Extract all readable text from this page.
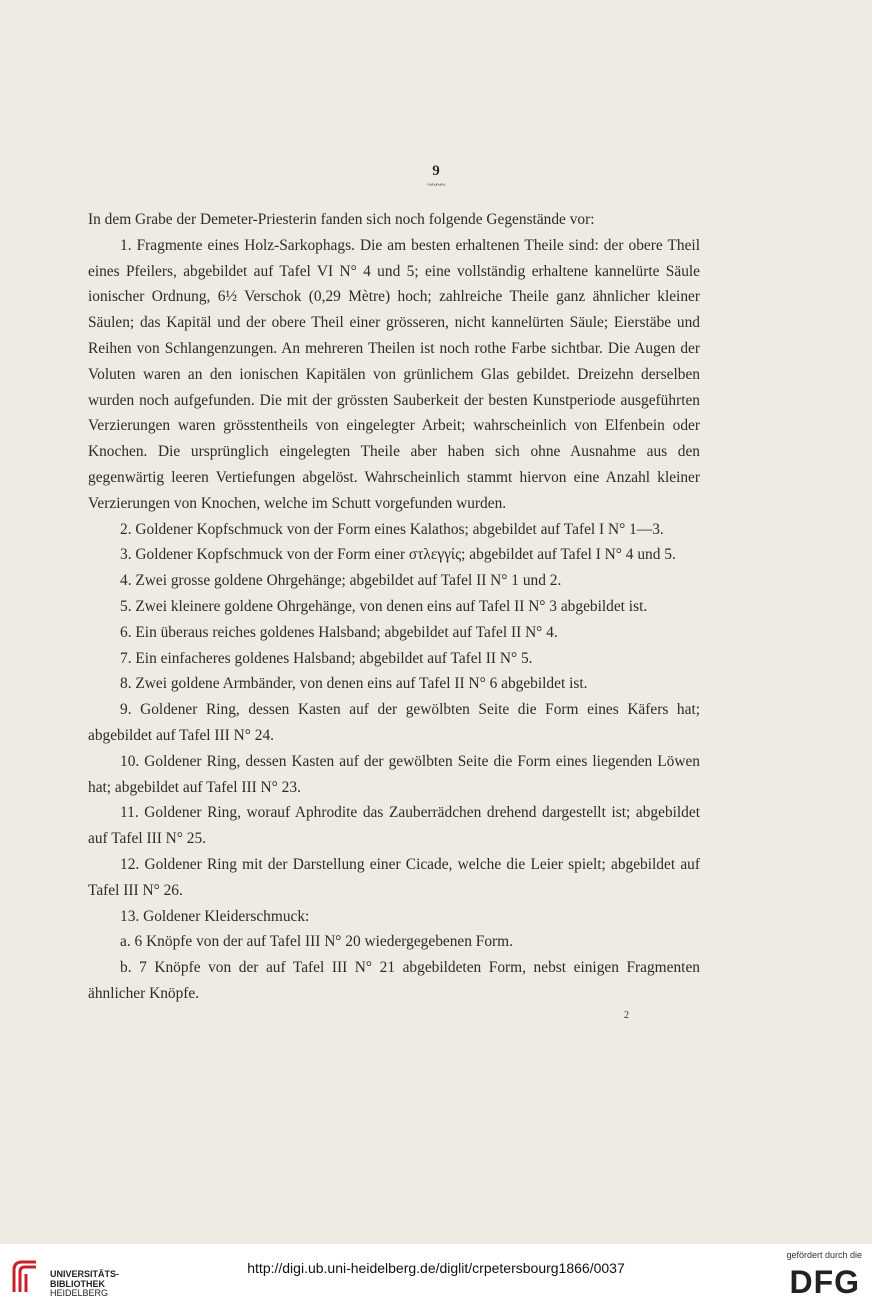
9
~~~~

In dem Grabe der Demeter-Priesterin fanden sich noch folgende Gegenstände vor:

1. Fragmente eines Holz-Sarkophags. Die am besten erhaltenen Theile sind: der obere Theil eines Pfeilers, abgebildet auf Tafel VI N° 4 und 5; eine vollständig erhaltene kannelürte Säule ionischer Ordnung, 6½ Verschok (0,29 Mètre) hoch; zahlreiche Theile ganz ähnlicher kleiner Säulen; das Kapitäl und der obere Theil einer grösseren, nicht kannelürten Säule; Eierstäbe und Reihen von Schlangenzungen. An mehreren Theilen ist noch rothe Farbe sichtbar. Die Augen der Voluten waren an den ionischen Kapitälen von grünlichem Glas gebildet. Dreizehn derselben wurden noch aufgefunden. Die mit der grössten Sauberkeit der besten Kunstperiode ausgeführten Verzierungen waren grösstentheils von eingelegter Arbeit; wahrscheinlich von Elfenbein oder Knochen. Die ursprünglich eingelegten Theile aber haben sich ohne Ausnahme aus den gegenwärtig leeren Vertiefungen abgelöst. Wahrscheinlich stammt hiervon eine Anzahl kleiner Verzierungen von Knochen, welche im Schutt vorgefunden wurden.

2. Goldener Kopfschmuck von der Form eines Kalathos; abgebildet auf Tafel I N° 1—3.

3. Goldener Kopfschmuck von der Form einer στλεγγίς; abgebildet auf Tafel I N° 4 und 5.

4. Zwei grosse goldene Ohrgehänge; abgebildet auf Tafel II N° 1 und 2.

5. Zwei kleinere goldene Ohrgehänge, von denen eins auf Tafel II N° 3 abgebildet ist.

6. Ein überaus reiches goldenes Halsband; abgebildet auf Tafel II N° 4.

7. Ein einfacheres goldenes Halsband; abgebildet auf Tafel II N° 5.

8. Zwei goldene Armbänder, von denen eins auf Tafel II N° 6 abgebildet ist.

9. Goldener Ring, dessen Kasten auf der gewölbten Seite die Form eines Käfers hat; abgebildet auf Tafel III N° 24.

10. Goldener Ring, dessen Kasten auf der gewölbten Seite die Form eines liegenden Löwen hat; abgebildet auf Tafel III N° 23.

11. Goldener Ring, worauf Aphrodite das Zauberrädchen drehend dargestellt ist; abgebildet auf Tafel III N° 25.

12. Goldener Ring mit der Darstellung einer Cicade, welche die Leier spielt; abgebildet auf Tafel III N° 26.

13. Goldener Kleiderschmuck:

a. 6 Knöpfe von der auf Tafel III N° 20 wiedergegebenen Form.

b. 7 Knöpfe von der auf Tafel III N° 21 abgebildeten Form, nebst einigen Fragmenten ähnlicher Knöpfe.

2
UNIVERSITÄTS-
BIBLIOTHEK
HEIDELBERG
http://digi.ub.uni-heidelberg.de/diglit/crpetersbourg1866/0037
gefördert durch die
DFG
